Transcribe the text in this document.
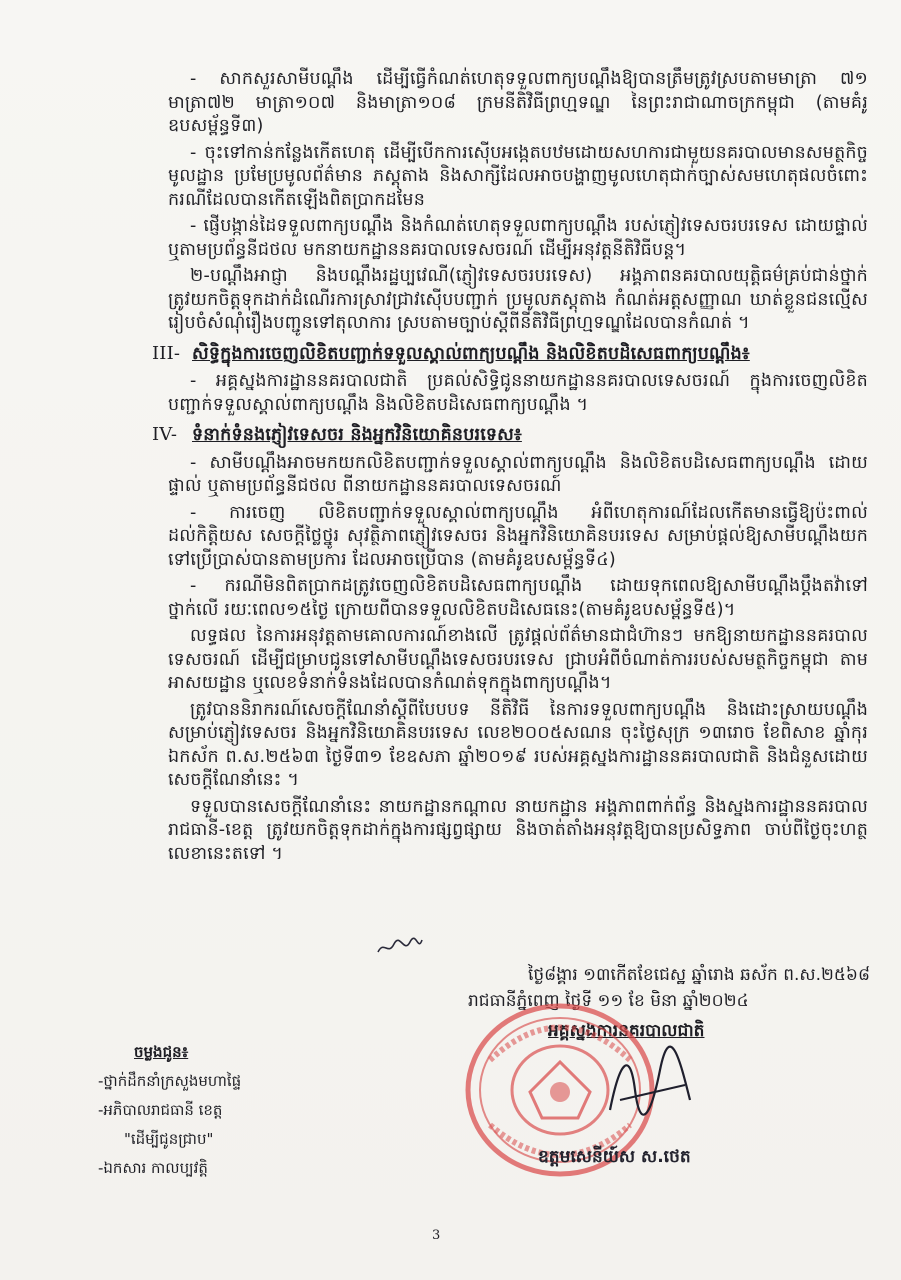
- សាកសួរសាមីបណ្តឹង ដើម្បីធ្វើកំណត់ហេតុទទួលពាក្យបណ្តឹងឱ្យបានត្រឹមត្រូវស្របតាមមាត្រា ៧១ មាត្រា៧២ មាត្រា១០៧ និងមាត្រា១០៨ ក្រមនីតិវិធីព្រហ្មទណ្ឌ នៃព្រះរាជាណាចក្រកម្ពុជា (តាមគំរូឧបសម្ព័ន្ធទី៣)

- ចុះទៅកាន់កន្លែងកើតហេតុ ដើម្បីបើកការស៊ើបអង្កេតបឋមដោយសហការជាមួយនគរបាលមានសមត្ថកិច្ចមូលដ្ឋាន ប្រមែប្រមូលព័ត៌មាន ភស្តុតាង និងសាក្សីដែលអាចបង្ហាញមូលហេតុជាក់ច្បាស់សមហេតុផលចំពោះករណីដែលបានកើតឡើងពិតប្រាកដមែន

- ផ្ញើបង្កាន់ដៃទទួលពាក្យបណ្តឹង និងកំណត់ហេតុទទួលពាក្យបណ្តឹង របស់ភ្ញៀវទេសចរបរទេស ដោយផ្ទាល់ ឬតាមប្រព័ន្ធនីជថល មកនាយកដ្ឋាននគរបាលទេសចរណ៍ ដើម្បីអនុវត្តនីតិវិធីបន្ត។

២-បណ្តឹងអាជ្ញា និងបណ្តឹងរដ្ឋប្បវេណី(ភ្ញៀវទេសចរបរទេស) អង្គភាពនគរបាលយុត្តិធម៌គ្រប់ជាន់ថ្នាក់ត្រូវយកចិត្តទុកដាក់ដំណើរការស្រាវជ្រាវស៊ើបបញ្ជាក់ ប្រមូលភស្តុតាង កំណត់អត្តសញ្ញាណ ឃាត់ខ្លួនជនល្មើស រៀបចំសំណុំរឿងបញ្ជូនទៅតុលាការ ស្របតាមច្បាប់ស្តីពីនីតិវិធីព្រហ្មទណ្ឌដែលបានកំណត់ ។

III- សិទ្ធិក្នុងការចេញលិខិតបញ្ជាក់ទទួលស្គាល់ពាក្យបណ្តឹង និងលិខិតបដិសេធពាក្យបណ្តឹង៖

- អគ្គស្នងការដ្ឋាននគរបាលជាតិ ប្រគល់សិទ្ធិជូននាយកដ្ឋាននគរបាលទេសចរណ៍ ក្នុងការចេញលិខិតបញ្ជាក់ទទួលស្គាល់ពាក្យបណ្តឹង និងលិខិតបដិសេធពាក្យបណ្តឹង ។

IV- ទំនាក់ទំនងភ្ញៀវទេសចរ និងអ្នកវិនិយោគិនបរទេស៖

- សាមីបណ្តឹងអាចមកយកលិខិតបញ្ជាក់ទទួលស្គាល់ពាក្យបណ្តឹង និងលិខិតបដិសេធពាក្យបណ្តឹង ដោយផ្ទាល់ ឬតាមប្រព័ន្ធនីជថល ពីនាយកដ្ឋាននគរបាលទេសចរណ៍

- ការចេញ លិខិតបញ្ជាក់ទទួលស្គាល់ពាក្យបណ្តឹង អំពីហេតុការណ៍ដែលកើតមានធ្វើឱ្យប៉ះពាល់ដល់កិត្តិយស សេចក្តីថ្លៃថ្នូរ សុវត្ថិភាពភ្ញៀវទេសចរ និងអ្នកវិនិយោគិនបរទេស សម្រាប់ផ្តល់ឱ្យសាមីបណ្តឹងយកទៅប្រើប្រាស់បានតាមប្រការ ដែលអាចប្រើបាន (តាមគំរូឧបសម្ព័ន្ធទី៤)

- ករណីមិនពិតប្រាកដត្រូវចេញលិខិតបដិសេធពាក្យបណ្តឹង ដោយទុកពេលឱ្យសាមីបណ្តឹងប្តឹងតវ៉ាទៅថ្នាក់លើ រយៈពេល១៥ថ្ងៃ ក្រោយពីបានទទួលលិខិតបដិសេធនេះ(តាមគំរូឧបសម្ព័ន្ធទី៥)។

លទ្ធផល នៃការអនុវត្តតាមគោលការណ៍ខាងលើ ត្រូវផ្តល់ព័ត៌មានជាជំហ៊ានៗ មកឱ្យនាយកដ្ឋាននគរបាលទេសចរណ៍ ដើម្បីជម្រាបជូនទៅសាមីបណ្តឹងទេសចរបរទេស ជ្រាបអំពីចំណាត់ការរបស់សមត្ថកិច្ចកម្ពុជា តាមអាសយដ្ឋាន ឬលេខទំនាក់ទំនងដែលបានកំណត់ទុកក្នុងពាក្យបណ្តឹង។

ត្រូវបាននិរាករណ៍សេចក្តីណែនាំស្តីពីបែបបទ នីតិវិធី នៃការទទួលពាក្យបណ្តឹង និងដោះស្រាយបណ្តឹងសម្រាប់ភ្ញៀវទេសចរ និងអ្នកវិនិយោគិនបរទេស លេខ២០០៥សណន ចុះថ្ងៃសុក្រ ១៣រោច ខែពិសាខ ឆ្នាំកុរ ឯកស័ក ព.ស.២៥៦៣ ថ្ងៃទី៣១ ខែឧសភា ឆ្នាំ២០១៩ របស់អគ្គស្នងការដ្ឋាននគរបាលជាតិ និងជំនួសដោយសេចក្តីណែនាំនេះ ។

ទទួលបានសេចក្តីណែនាំនេះ នាយកដ្ឋានកណ្តាល នាយកដ្ឋាន អង្គភាពពាក់ព័ន្ធ និងស្នងការដ្ឋាននគរបាលរាជធានី-ខេត្ត ត្រូវយកចិត្តទុកដាក់ក្នុងការផ្សព្វផ្សាយ និងចាត់តាំងអនុវត្តឱ្យបានប្រសិទ្ធភាព ចាប់ពីថ្ងៃចុះហត្ថលេខានេះតទៅ ។

ថ្ងៃ៨ង្គារ ១៣កើតខែជេស្ឋ ឆ្នាំរោង ឆស័ក ព.ស.២៥៦៨
រាជធានីភ្នំពេញ ថ្ងៃទី ១១ ខែ មិនា ឆ្នាំ២០២៤
អគ្គស្នងការនគរបាលជាតិ
ឧត្តមសេនីយ៍ស ស.ថេត
ចម្លងជូន៖
-ថ្នាក់ដឹកនាំក្រសួងមហាផ្ទៃ
-អភិបាលរាជធានី ខេត្ត
"ដើម្បីជូនជ្រាប"
-ឯកសារ កាលប្បវត្តិ
3
